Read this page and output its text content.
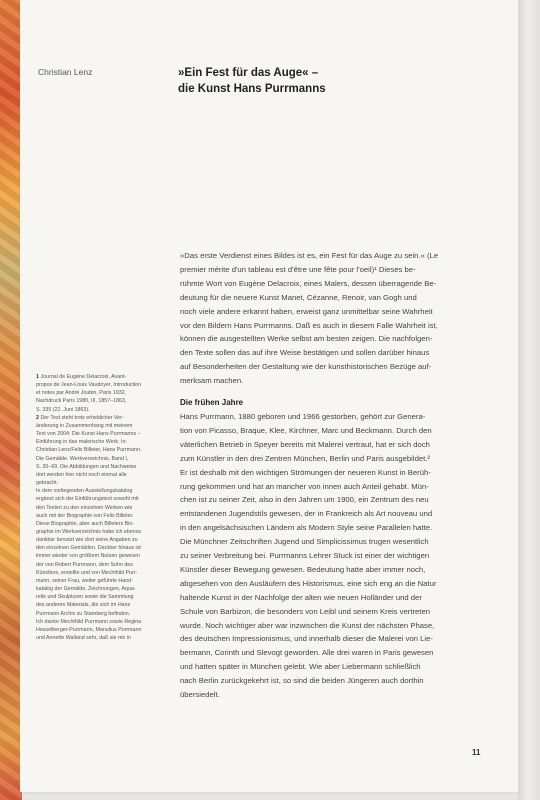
Christian Lenz	»Ein Fest für das Auge« –
die Kunst Hans Purrmanns
1 Journal de Eugène Delacroix, Avant-
propos de Jean-Louis Vaudoyer, Introduction
et notes par André Joubin, Paris 1932,
Nachdruck Paris 1980, III, 1857–1863,
S. 335 (22. Juni 1863).
2 Der Text steht trotz erheblicher Ver-
änderung in Zusammenhang mit meinem
Text von 2004: Die Kunst Hans Purrmanns –
Einführung in das malerische Werk. In:
Christian Lenz/Felix Billeter, Hans Purrmann.
Die Gemälde. Werkverzeichnis, Band I,
S. 20–69. Die Abbildungen und Nachweise
dort werden hier nicht noch einmal alle
gebracht.
In dem vorliegenden Ausstellungskatalog
ergänzt sich der Einführungstext sowohl mit
den Texten zu den einzelnen Werken wie
auch mit der Biographie von Felix Billeter.
Diese Biographie, aber auch Billeters Bio-
graphie im Werkverzeichnis habe ich ebenso
dankbar benutzt wie dort seine Angaben zu
den einzelnen Gemälden. Darüber hinaus ist
immer wieder von größtem Nutzen gewesen
der von Robert Purrmann, dem Sohn des
Künstlers, erstellte und von Mechthild Purr-
mann, seiner Frau, weiter geführte Hand-
katalog der Gemälde, Zeichnungen, Aqua-
relle und Skulpturen sowie die Sammlung
des anderen Materials, die sich im Hans
Purrmann Archiv zu Starnberg befinden.
Ich danke Mechthild Purrmann sowie Regina
Hesselberger-Purrmann, Manulius Purrmann
und Annette Walland sehr, daß sie mir in
»Das erste Verdienst eines Bildes ist es, ein Fest für das Auge zu sein.« (Le
premier mérite d'un tableau est d'être une fête pour l'oeil)¹ Dieses be-
rühmte Wort von Eugène Delacroix, eines Malers, dessen überragende Be-
deutung für die neuere Kunst Manet, Cézanne, Renoir, van Gogh und
noch viele andere erkannt haben, erweist ganz unmittelbar seine Wahrheit
vor den Bildern Hans Purrmanns. Daß es auch in diesem Falle Wahrheit ist,
können die ausgestellten Werke selbst am besten zeigen. Die nachfolgen-
den Texte sollen das auf ihre Weise bestätigen und sollen darüber hinaus
auf Besonderheiten der Gestaltung wie der kunsthistorischen Bezüge auf-
merksam machen.
Die frühen Jahre
Hans Purrmann, 1880 geboren und 1966 gestorben, gehört zur Genera-
tion von Picasso, Braque, Klee, Kirchner, Marc und Beckmann. Durch den
väterlichen Betrieb in Speyer bereits mit Malerei vertraut, hat er sich doch
zum Künstler in den drei Zentren München, Berlin und Paris ausgebildet.²
Er ist deshalb mit den wichtigen Strömungen der neueren Kunst in Berüh-
rung gekommen und hat an mancher von innen auch Anteil gehabt. Mün-
chen ist zu seiner Zeit, also in den Jahren um 1900, ein Zentrum des neu
entstandenen Jugendstils gewesen, der in Frankreich als Art nouveau und
in den angelsächsischen Ländern als Modern Style seine Parallelen hatte.
Die Münchner Zeitschriften Jugend und Simplicissimus trugen wesentlich
zu seiner Verbreitung bei. Purrmanns Lehrer Stuck ist einer der wichtigen
Künstler dieser Bewegung gewesen. Bedeutung hatte aber immer noch,
abgesehen von den Ausläufern des Historismus, eine sich eng an die Natur
haltende Kunst in der Nachfolge der alten wie neuen Holländer und der
Schule von Barbizon, die besonders von Leibl und seinem Kreis vertreten
wurde. Noch wichtiger aber war inzwischen die Kunst der nächsten Phase,
des deutschen Impressionismus, und innerhalb dieser die Malerei von Lie-
bermann, Corinth und Slevogt geworden. Alle drei waren in Paris gewesen
und hatten später in München gelebt. Wie aber Liebermann schließlich
nach Berlin zurückgekehrt ist, so sind die beiden Jüngeren auch dorthin
übersiedelt.
11
